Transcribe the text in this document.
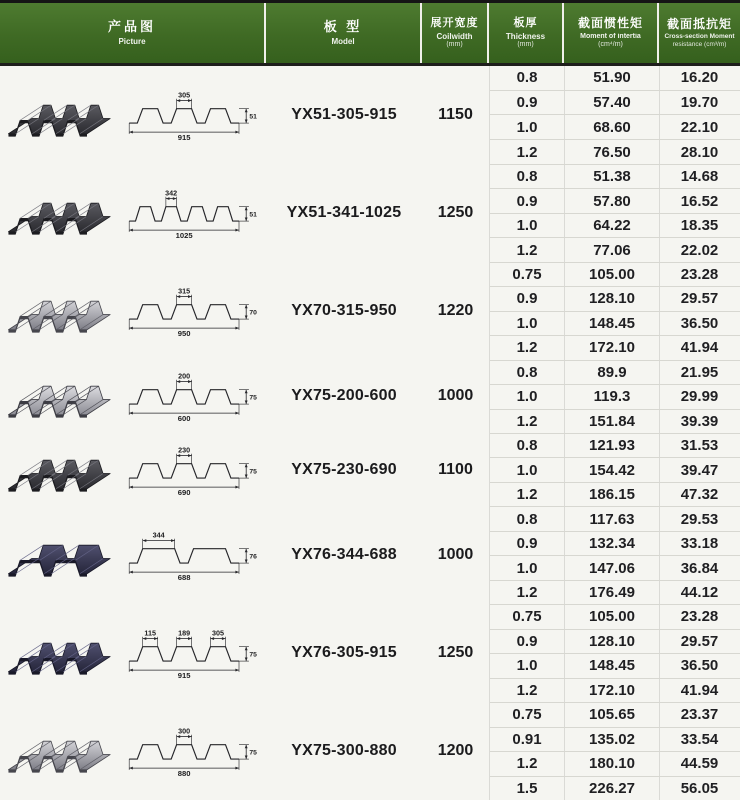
产品图
Picture
板 型
Model
展开宽度
Coilwidth
(mm)
板厚
Thickness
(mm)
截面惯性矩
Moment of intertia
(cm⁴/m)
截面抵抗矩
Cross-section Moment
resistance (cm³/m)
305
915
51 YX51-305-915	1150
0.8	51.90	16.20
0.9	57.40	19.70
1.0	68.60	22.10
1.2	76.50	28.10
342
1025
51 YX51-341-1025 1250
0.8	51.38	14.68
0.9	57.80	16.52
1.0	64.22	18.35
1.2	77.06	22.02
315
950
70 YX70-315-950	1220
0.75	105.00	23.28
0.9	128.10	29.57
1.0	148.45	36.50
1.2	172.10	41.94
200
600
75 YX75-200-600	1000
0.8	89.9	21.95
1.0	119.3	29.99
1.2	151.84	39.39
230
690
75 YX75-230-690	1100
0.8	121.93	31.53
1.0	154.42	39.47
1.2	186.15	47.32
344
688
76 YX76-344-688	1000
0.8	117.63	29.53
0.9	132.34	33.18
1.0	147.06	36.84
1.2	176.49	44.12
115	189	305
915
75 YX76-305-915	1250
0.75	105.00	23.28
0.9	128.10	29.57
1.0	148.45	36.50
1.2	172.10	41.94
300
880
75 YX75-300-880	1200
0.75	105.65	23.37
0.91	135.02	33.54
1.2	180.10	44.59
1.5	226.27	56.05
